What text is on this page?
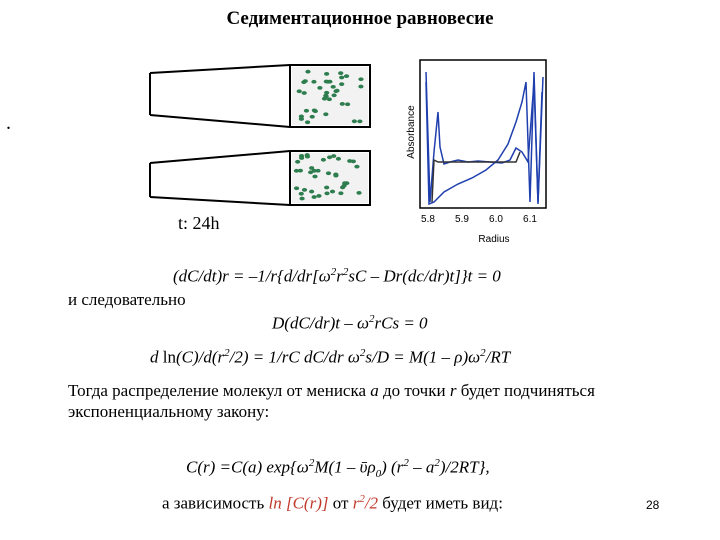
Седиментационное равновесие
.	Absorbance
5.8 5.9 6.0 6.1
Radius
t: 24h
$(dC/dt)r = -1/r\{d/dr[\omega^2r^2sC - Dr(dc/dr)t]\}t = 0$
и следовательно
$D(dC/dr)t - \omega^2rCs = 0$
d $\ln(C)/d(r^2/2) = 1/rC$ dC/dr $\omega^2s/D = M(1 - \rho)\omega^2/RT$
Тогда распределение молекул от мениска a до точки r будет подчиняться экспоненциальному закону:
C(r) =C(a) $\exp\{\omega^2M(1$ – ῡρ$_0$) $(r^2 - a^2)/2RT$},
а зависимость ln [C(r)] от $r^2/2$ будет иметь вид:	28
